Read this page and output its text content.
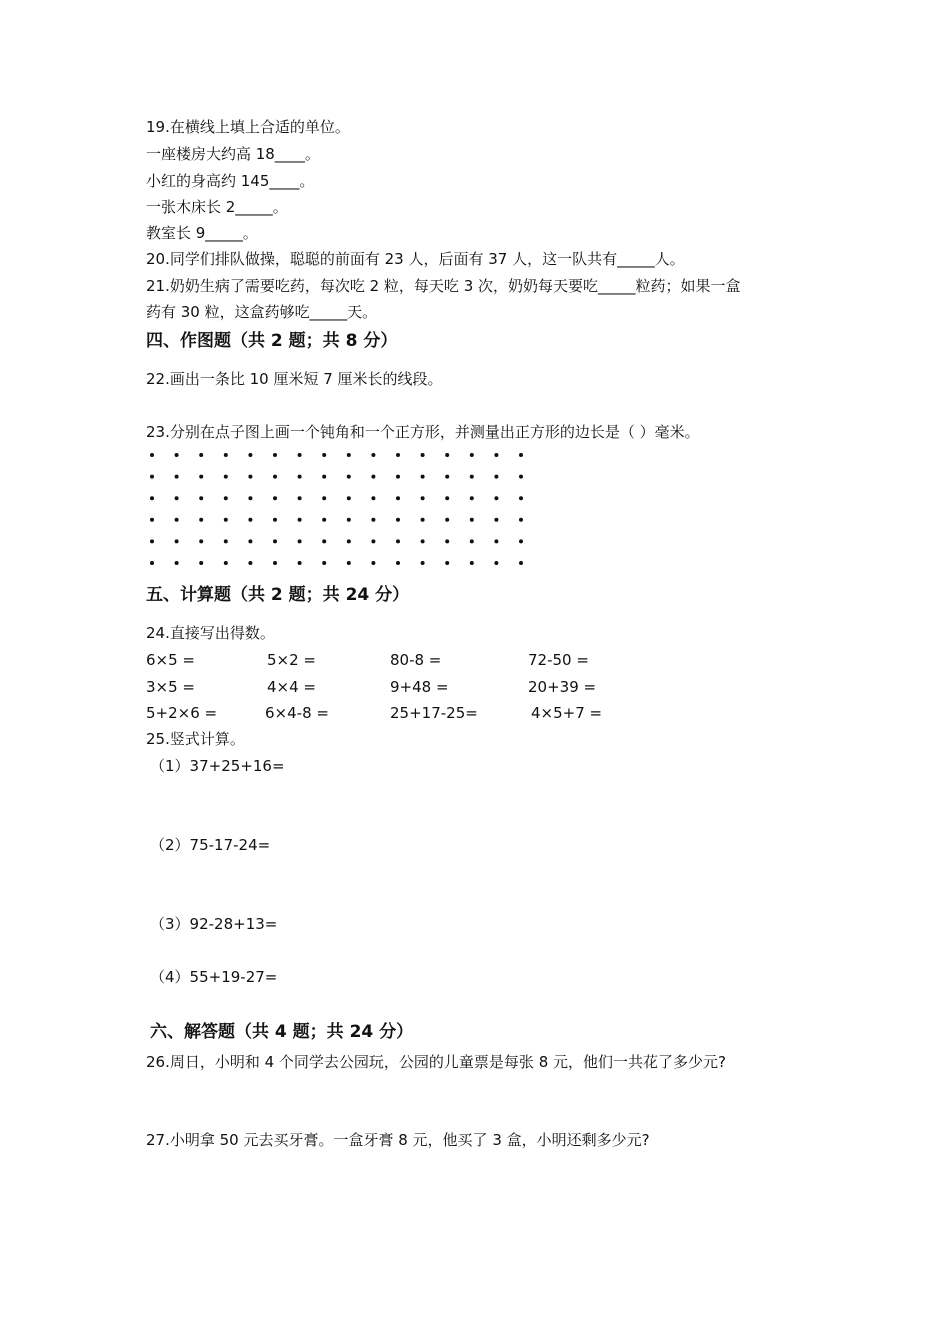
19.在横线上填上合适的单位。
一座楼房大约高 18____。
小红的身高约 145____。
一张木床长 2_____。
教室长 9_____。
20.同学们排队做操，聪聪的前面有 23 人，后面有 37 人，这一队共有_____人。
21.奶奶生病了需要吃药，每次吃 2 粒，每天吃 3 次，奶奶每天要吃_____粒药；如果一盒
药有 30 粒，这盒药够吃_____天。
四、作图题（共 2 题；共 8 分）
22.画出一条比 10 厘米短 7 厘米长的线段。
23.分别在点子图上画一个钝角和一个正方形，并测量出正方形的边长是（ ）毫米。
五、计算题（共 2 题；共 24 分）
24.直接写出得数。
6×5 =	5×2 =	80-8 =	72-50 =
3×5 =	4×4 =	9+48 =	20+39 =
5+2×6 =	6×4-8 =	25+17-25=	4×5+7 =
25.竖式计算。
（1）37+25+16=
（2）75-17-24=
（3）92-28+13=
（4）55+19-27=
六、解答题（共 4 题；共 24 分）
26.周日，小明和 4 个同学去公园玩，公园的儿童票是每张 8 元，他们一共花了多少元?
27.小明拿 50 元去买牙膏。一盒牙膏 8 元，他买了 3 盒，小明还剩多少元?
